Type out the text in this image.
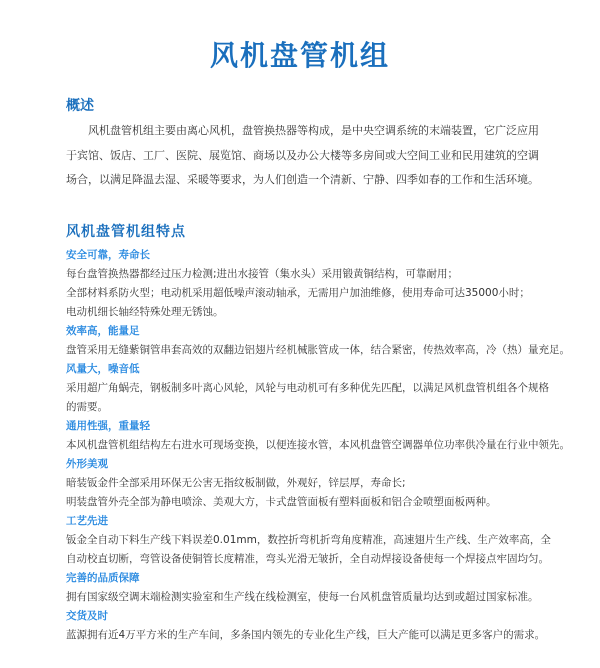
风机盘管机组
概述

风机盘管机组主要由离心风机，盘管换热器等构成，是中央空调系统的末端装置，它广泛应用于宾馆、饭店、工厂、医院、展览馆、商场以及办公大楼等多房间或大空间工业和民用建筑的空调场合，以满足降温去湿、采暖等要求，为人们创造一个清新、宁静、四季如春的工作和生活环境。

风机盘管机组特点

安全可靠，寿命长

每台盘管换热器都经过压力检测;进出水接管（集水头）采用锻黄铜结构，可靠耐用；

全部材料系防火型；电动机采用超低噪声滚动轴承，无需用户加油维修，使用寿命可达35000小时；

电动机细长轴经特殊处理无锈蚀。

效率高，能量足

盘管采用无缝紫铜管串套高效的双翻边铝翅片经机械胀管成一体，结合紧密，传热效率高，冷（热）量充足。

风量大，噪音低

采用超广角蜗壳，钢板制多叶离心风轮，风轮与电动机可有多种优先匹配，以满足风机盘管机组各个规格的需要。

通用性强，重量轻

本风机盘管机组结构左右进水可现场变换，以便连接水管，本风机盘管空调器单位功率供冷量在行业中领先。

外形美观

暗装钣金件全部采用环保无公害无指纹板制做，外观好，锌层厚，寿命长;

明装盘管外壳全部为静电喷涂、美观大方，卡式盘管面板有塑料面板和铝合金喷塑面板两种。

工艺先进

钣金全自动下料生产线下料误差0.01mm，数控折弯机折弯角度精准，高速翅片生产线、生产效率高，全自动校直切断，弯管设备使铜管长度精准，弯头光滑无皱折，全自动焊接设备使每一个焊接点牢固均匀。

完善的品质保障

拥有国家级空调末端检测实验室和生产线在线检测室，使每一台风机盘管质量均达到或超过国家标准。

交货及时

蓝源拥有近4万平方米的生产车间，多条国内领先的专业化生产线，巨大产能可以满足更多客户的需求。
